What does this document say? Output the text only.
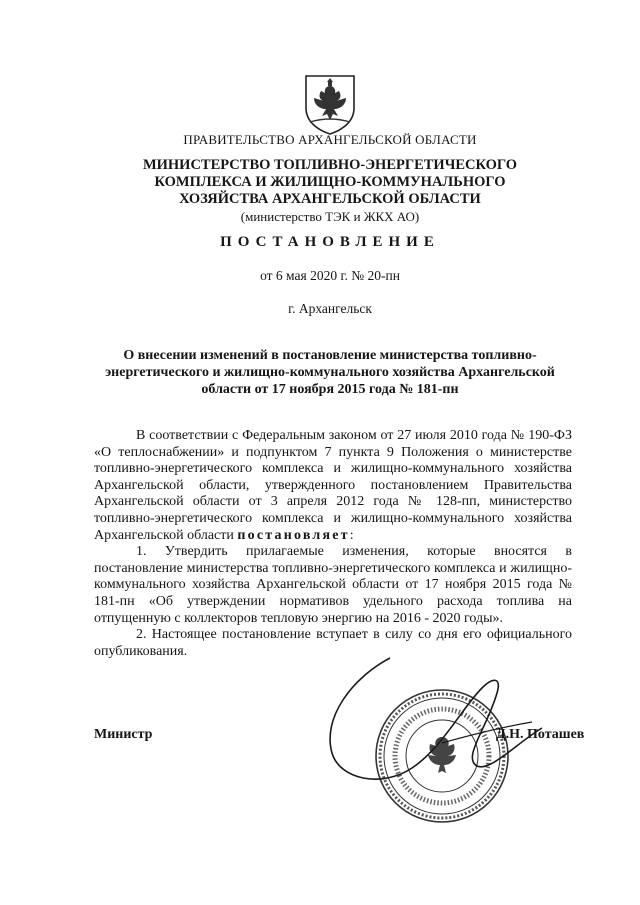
ПРАВИТЕЛЬСТВО АРХАНГЕЛЬСКОЙ ОБЛАСТИ
МИНИСТЕРСТВО ТОПЛИВНО-ЭНЕРГЕТИЧЕСКОГО
КОМПЛЕКСА И ЖИЛИЩНО-КОММУНАЛЬНОГО
ХОЗЯЙСТВА АРХАНГЕЛЬСКОЙ ОБЛАСТИ
(министерство ТЭК и ЖКХ АО)
ПОСТАНОВЛЕНИЕ
от 6 мая 2020 г. № 20-пн
г. Архангельск
О внесении изменений в постановление министерства топливно-энергетического и жилищно-коммунального хозяйства Архангельской области от 17 ноября 2015 года № 181-пн

В соответствии с Федеральным законом от 27 июля 2010 года № 190-ФЗ «О теплоснабжении» и подпунктом 7 пункта 9 Положения о министерстве топливно-энергетического комплекса и жилищно-коммунального хозяйства Архангельской области, утвержденного постановлением Правительства Архангельской области от 3 апреля 2012 года № 128-пп, министерство топливно-энергетического комплекса и жилищно-коммунального хозяйства Архангельской области постановляет:

1. Утвердить прилагаемые изменения, которые вносятся в постановление министерства топливно-энергетического комплекса и жилищно-коммунального хозяйства Архангельской области от 17 ноября 2015 года № 181-пн «Об утверждении нормативов удельного расхода топлива на отпущенную с коллекторов тепловую энергию на 2016 - 2020 годы».

2. Настоящее постановление вступает в силу со дня его официального опубликования.

Министр	Д.Н. Поташев
